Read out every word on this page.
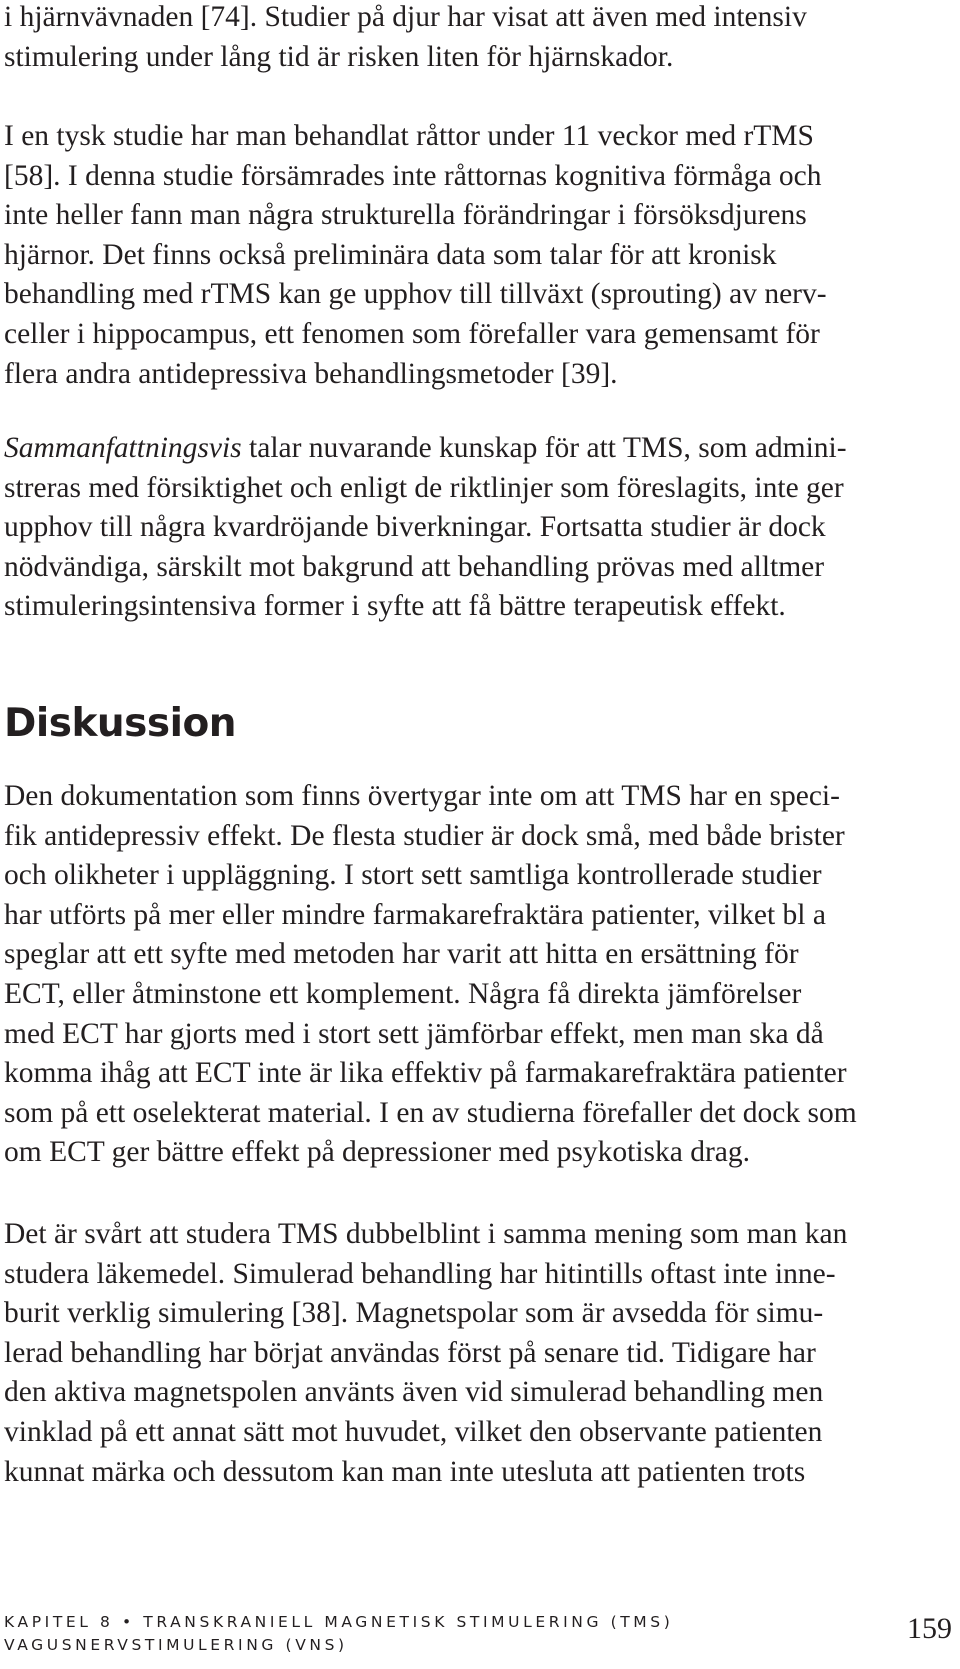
i hjärnvävnaden [74]. Studier på djur har visat att även med intensiv
stimulering under lång tid är risken liten för hjärnskador.

I en tysk studie har man behandlat råttor under 11 veckor med rTMS
[58]. I denna studie försämrades inte råttornas kognitiva förmåga och
inte heller fann man några strukturella förändringar i försöksdjurens
hjärnor. Det finns också preliminära data som talar för att kronisk
behandling med rTMS kan ge upphov till tillväxt (sprouting) av nerv-
celler i hippocampus, ett fenomen som förefaller vara gemensamt för
flera andra antidepressiva behandlingsmetoder [39].

Sammanfattningsvis talar nuvarande kunskap för att TMS, som admini-
streras med försiktighet och enligt de riktlinjer som föreslagits, inte ger
upphov till några kvardröjande biverkningar. Fortsatta studier är dock
nödvändiga, särskilt mot bakgrund att behandling prövas med alltmer
stimuleringsintensiva former i syfte att få bättre terapeutisk effekt.

Diskussion

Den dokumentation som finns övertygar inte om att TMS har en speci-
fik antidepressiv effekt. De flesta studier är dock små, med både brister
och olikheter i uppläggning. I stort sett samtliga kontrollerade studier
har utförts på mer eller mindre farmakarefraktära patienter, vilket bl a
speglar att ett syfte med metoden har varit att hitta en ersättning för
ECT, eller åtminstone ett komplement. Några få direkta jämförelser
med ECT har gjorts med i stort sett jämförbar effekt, men man ska då
komma ihåg att ECT inte är lika effektiv på farmakarefraktära patienter
som på ett oselekterat material. I en av studierna förefaller det dock som
om ECT ger bättre effekt på depressioner med psykotiska drag.

Det är svårt att studera TMS dubbelblint i samma mening som man kan
studera läkemedel. Simulerad behandling har hitintills oftast inte inne-
burit verklig simulering [38]. Magnetspolar som är avsedda för simu-
lerad behandling har börjat användas först på senare tid. Tidigare har
den aktiva magnetspolen använts även vid simulerad behandling men
vinklad på ett annat sätt mot huvudet, vilket den observante patienten
kunnat märka och dessutom kan man inte utesluta att patienten trots

KAPITEL 8 • TRANSKRANIELL MAGNETISK STIMULERING (TMS)
VAGUSNERVSTIMULERING (VNS)	159
